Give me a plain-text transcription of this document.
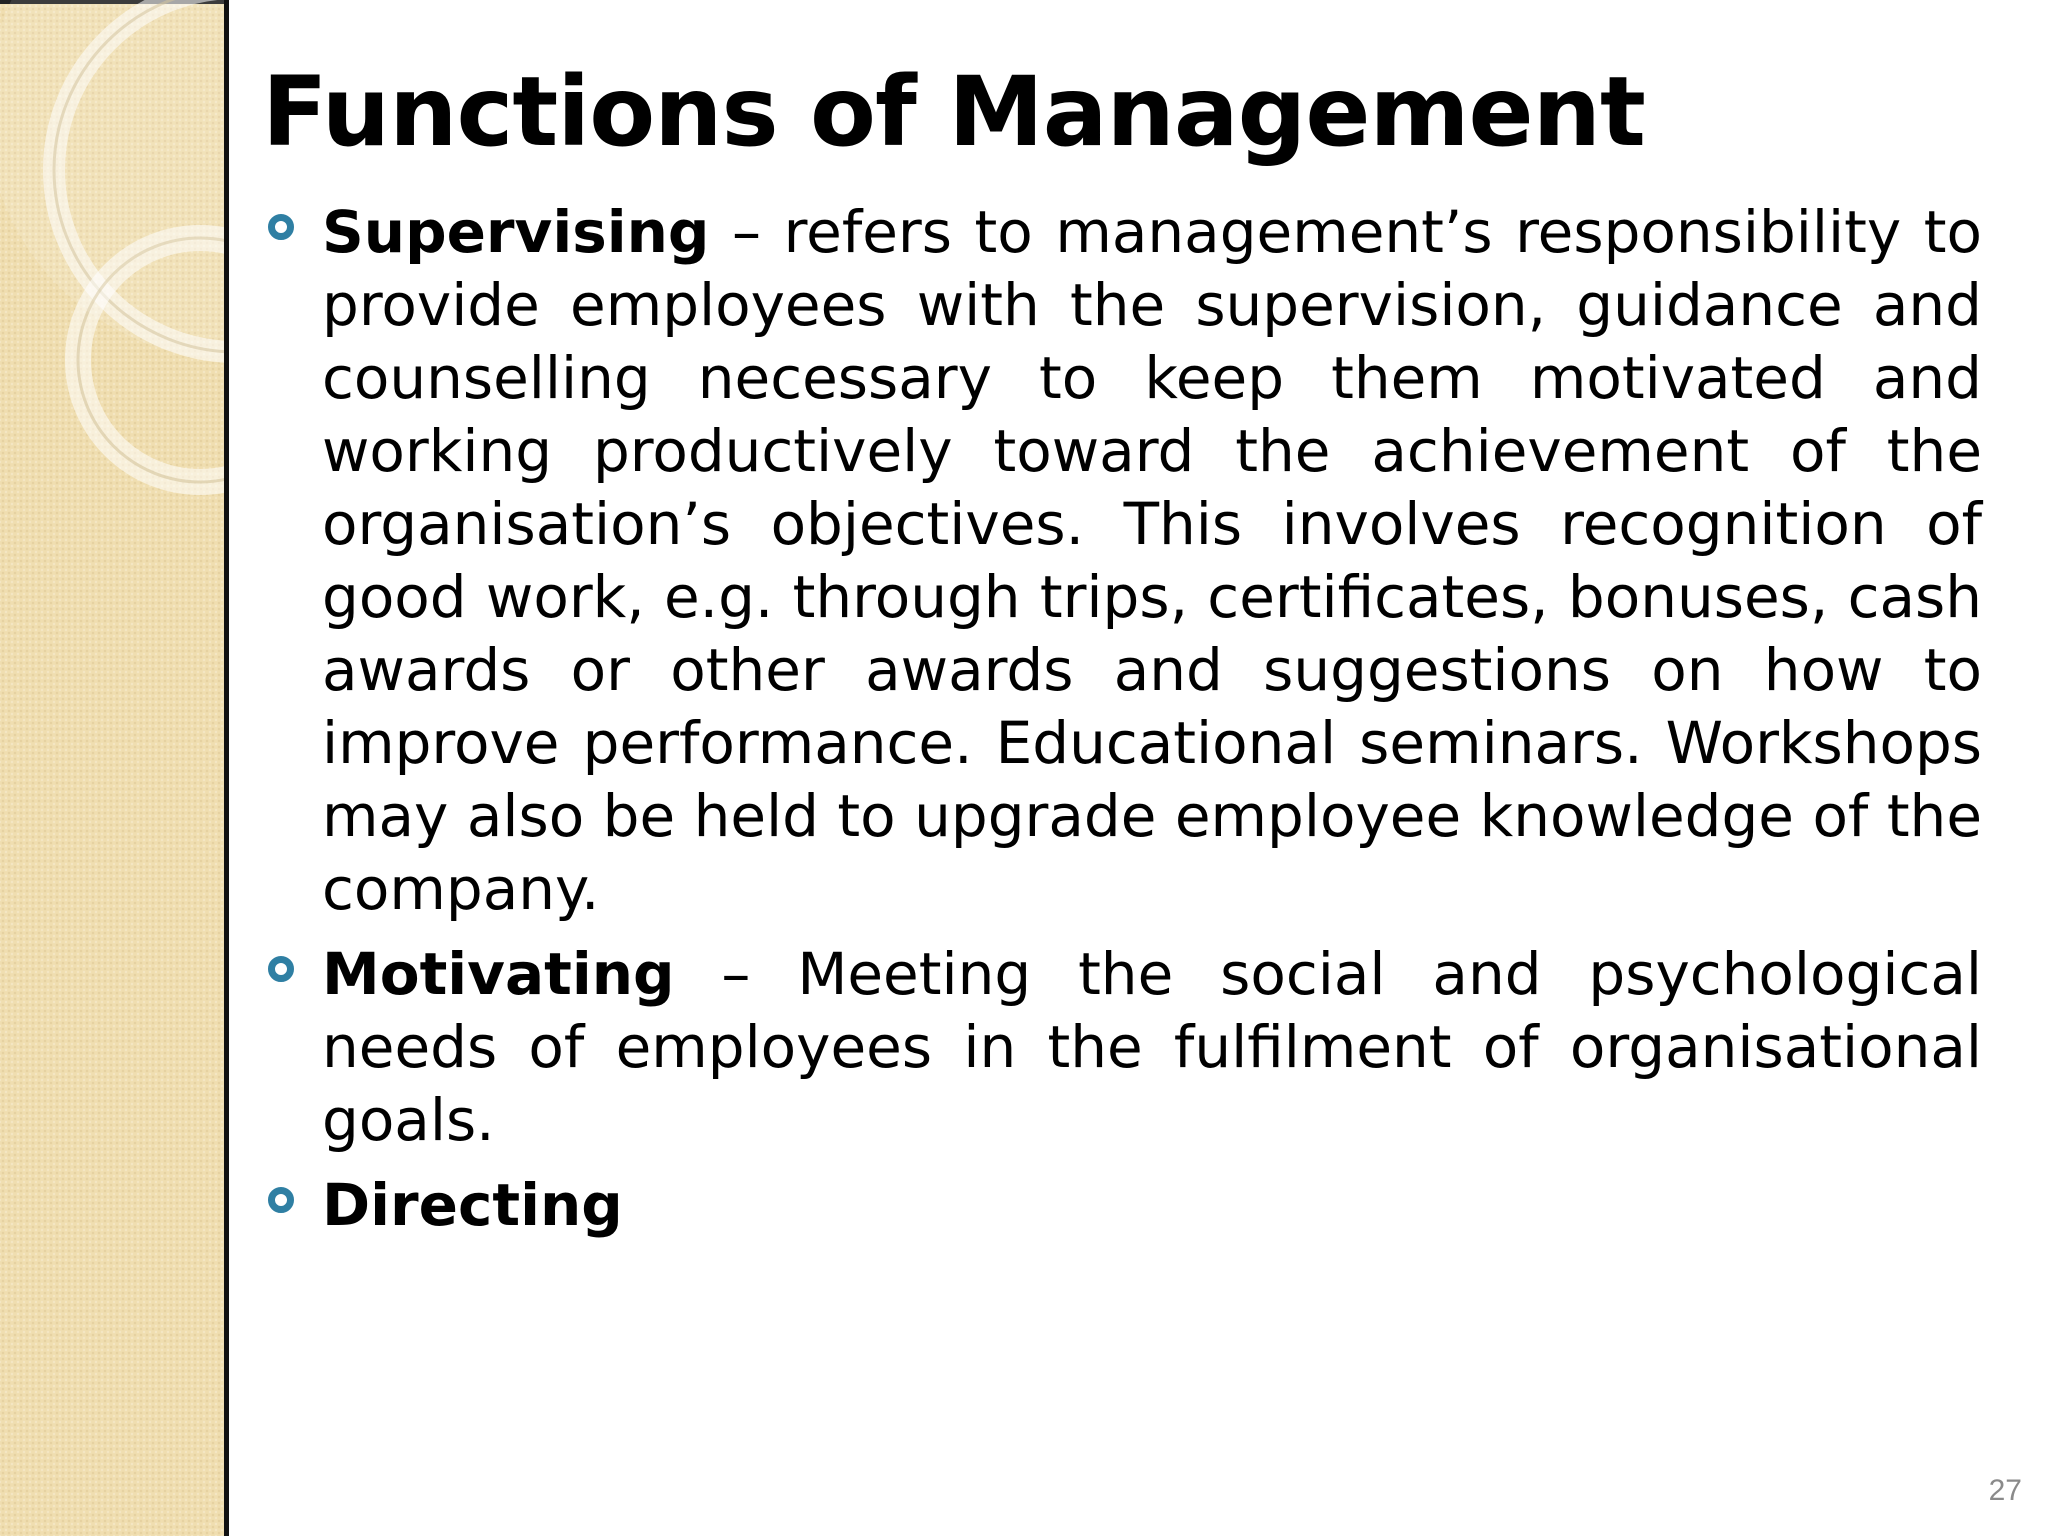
Functions of Management
Supervising – refers to management’s responsibility to provide employees with the supervision, guidance and counselling necessary to keep them motivated and working productively toward the achievement of the organisation’s objectives. This involves recognition of good work, e.g. through trips, certificates, bonuses, cash awards or other awards and suggestions on how to improve performance. Educational seminars. Workshops may also be held to upgrade employee knowledge of the company.
Motivating – Meeting the social and psychological needs of employees in the fulfilment of organisational goals.
Directing
27
